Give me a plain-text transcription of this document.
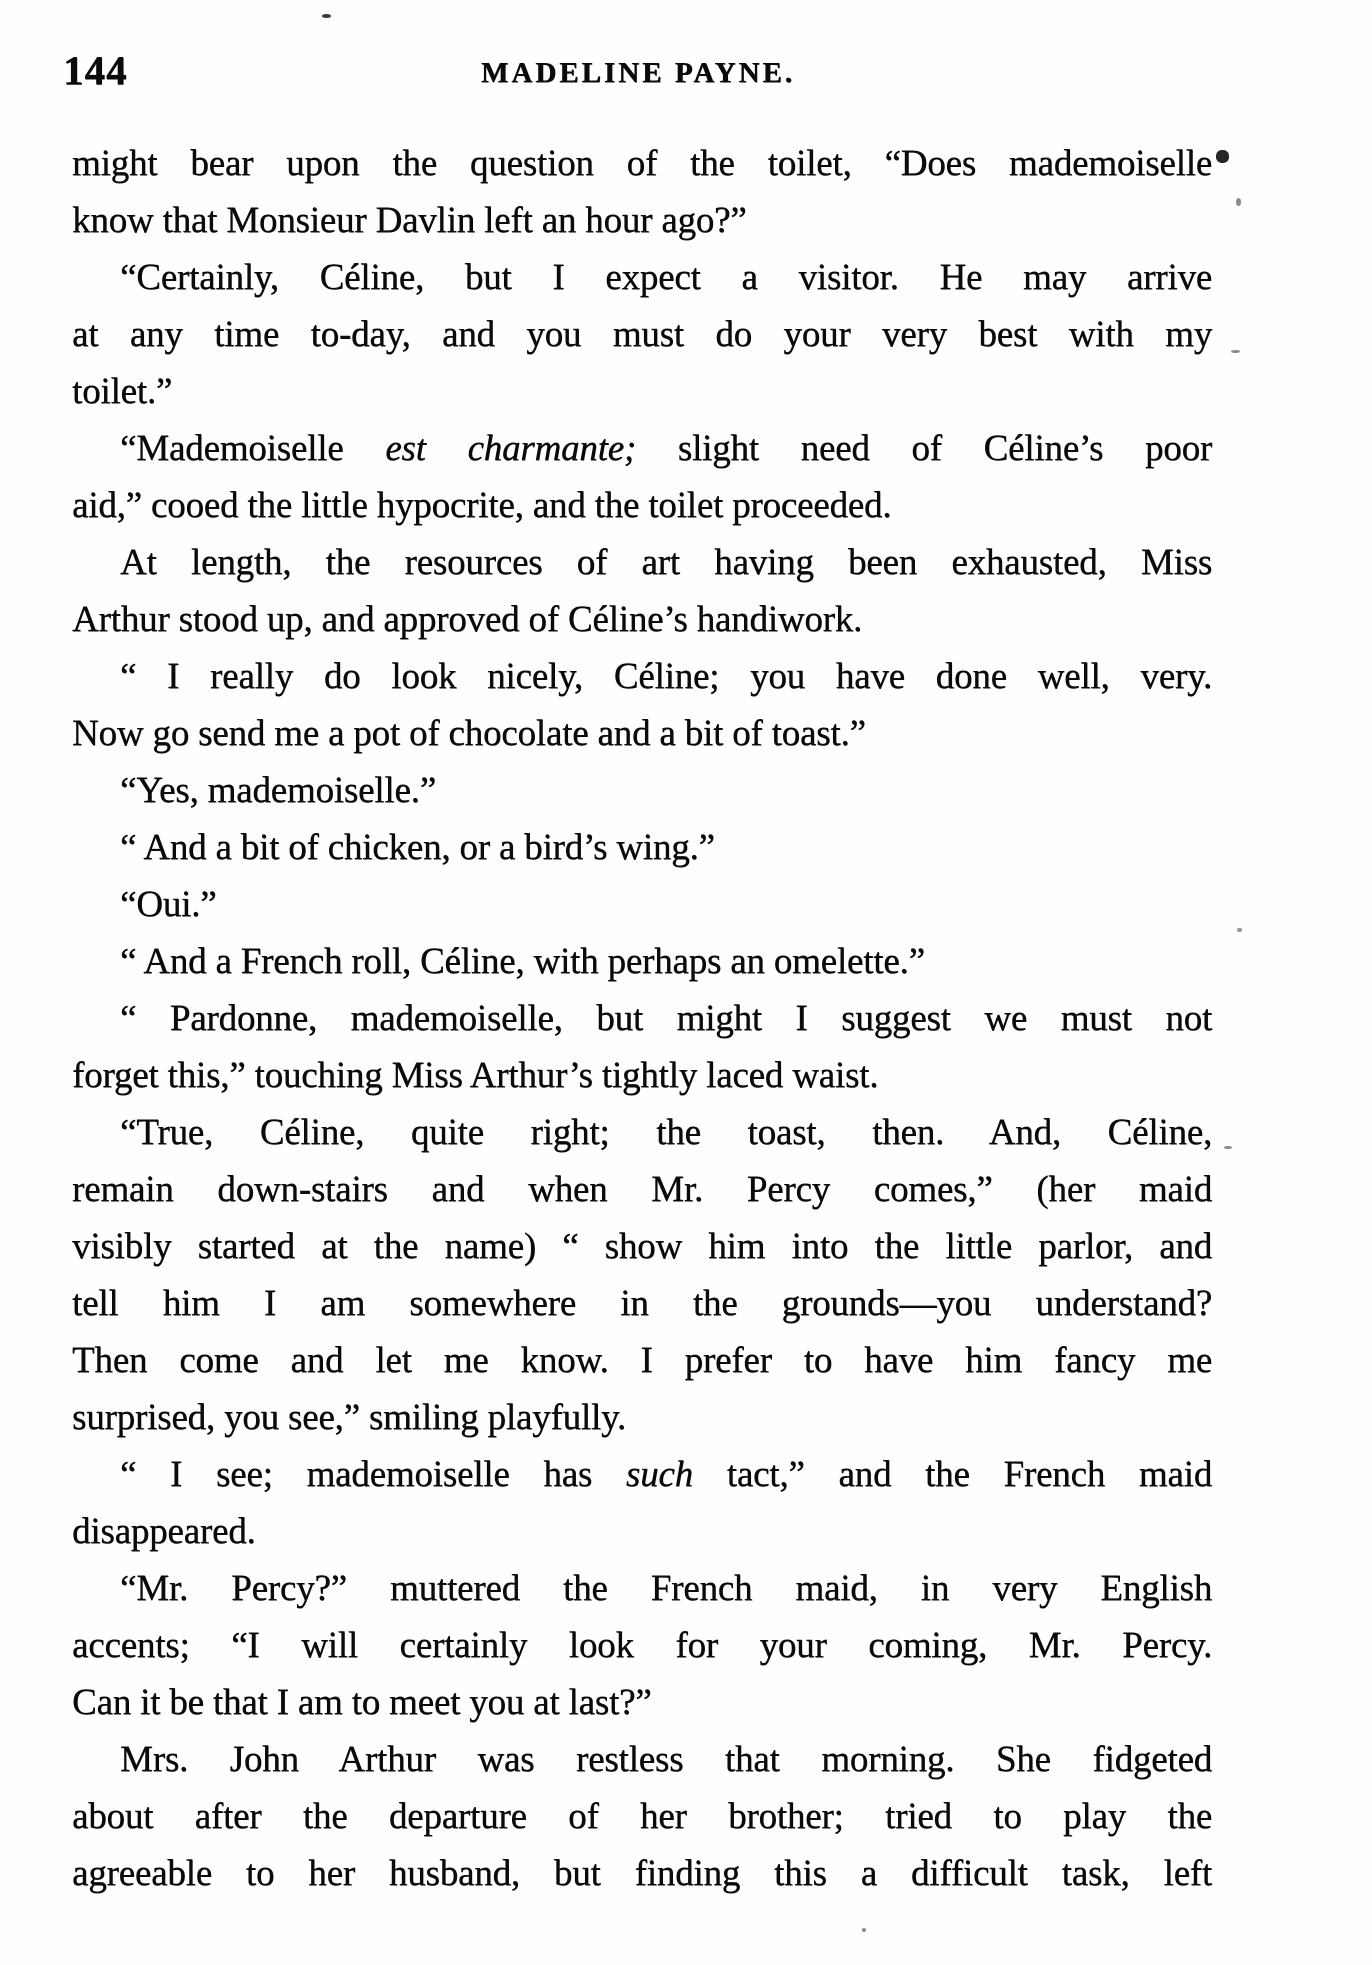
144	MADELINE PAYNE.
might bear upon the question of the toilet, “Does mademoiselle
know that Monsieur Davlin left an hour ago?”
“Certainly, Céline, but I expect a visitor. He may arrive
at any time to-day, and you must do your very best with my
toilet.”
“Mademoiselle est charmante; slight need of Céline’s poor
aid,” cooed the little hypocrite, and the toilet proceeded.
At length, the resources of art having been exhausted, Miss
Arthur stood up, and approved of Céline’s handiwork.
“ I really do look nicely, Céline; you have done well, very.
Now go send me a pot of chocolate and a bit of toast.”
“Yes, mademoiselle.”
“ And a bit of chicken, or a bird’s wing.”
“Oui.”
“ And a French roll, Céline, with perhaps an omelette.”
“ Pardonne, mademoiselle, but might I suggest we must not
forget this,” touching Miss Arthur’s tightly laced waist.
“True, Céline, quite right; the toast, then. And, Céline,
remain down-stairs and when Mr. Percy comes,” (her maid
visibly started at the name) “ show him into the little parlor, and
tell him I am somewhere in the grounds—you understand?
Then come and let me know. I prefer to have him fancy me
surprised, you see,” smiling playfully.
“ I see; mademoiselle has such tact,” and the French maid
disappeared.
“Mr. Percy?” muttered the French maid, in very English
accents; “I will certainly look for your coming, Mr. Percy.
Can it be that I am to meet you at last?”
Mrs. John Arthur was restless that morning. She fidgeted
about after the departure of her brother; tried to play the
agreeable to her husband, but finding this a difficult task, left
